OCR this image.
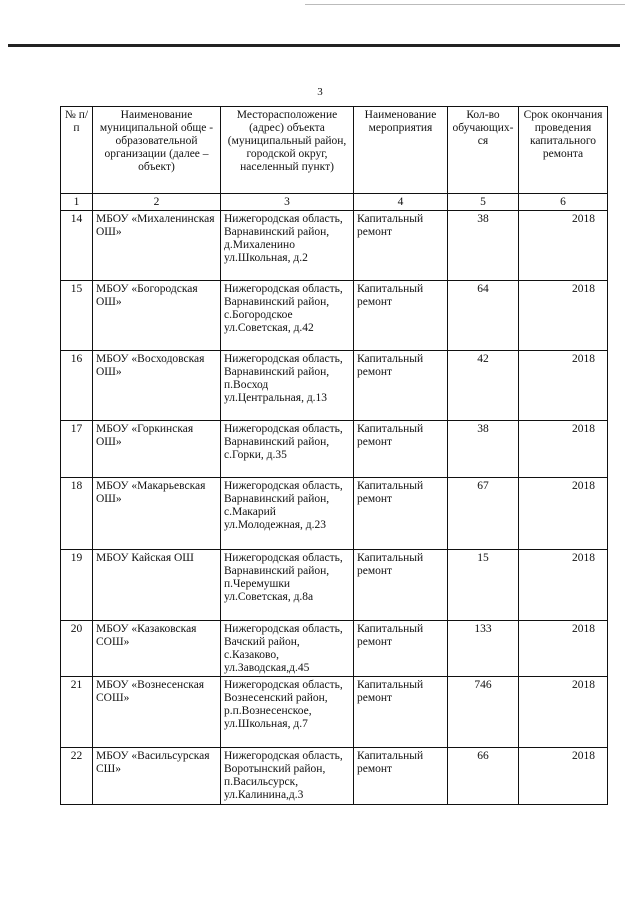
3
№ п/п	Наименование муниципальной обще - образовательной организации (далее – объект)	Месторасположение (адрес) объекта (муниципальный район, городской округ, населенный пункт)	Наименование мероприятия	Кол-во обучающих-ся	Срок окончания проведения капитального ремонта
1	2	3	4	5	6
14	МБОУ «Михаленинская ОШ»	Нижегородская область, Варнавинский район, д.Михаленино ул.Школьная, д.2	Капитальный ремонт	38	2018
15	МБОУ «Богородская ОШ»	Нижегородская область, Варнавинский район, с.Богородское ул.Советская, д.42	Капитальный ремонт	64	2018
16	МБОУ «Восходовская ОШ»	Нижегородская область, Варнавинский район, п.Восход ул.Центральная, д.13	Капитальный ремонт	42	2018
17	МБОУ «Горкинская ОШ»	Нижегородская область, Варнавинский район, с.Горки, д.35	Капитальный ремонт	38	2018
18	МБОУ «Макарьевская ОШ»	Нижегородская область, Варнавинский район, с.Макарий ул.Молодежная, д.23	Капитальный ремонт	67	2018
19	МБОУ Кайская ОШ	Нижегородская область, Варнавинский район, п.Черемушки ул.Советская, д.8а	Капитальный ремонт	15	2018
20	МБОУ «Казаковская СОШ»	Нижегородская область, Вачский район, с.Казаково, ул.Заводская,д.45	Капитальный ремонт	133	2018
21	МБОУ «Вознесенская СОШ»	Нижегородская область, Вознесенский район, р.п.Вознесенское, ул.Школьная, д.7	Капитальный ремонт	746	2018
22	МБОУ «Васильсурская СШ»	Нижегородская область, Воротынский район, п.Васильсурск, ул.Калинина,д.3	Капитальный ремонт	66	2018
